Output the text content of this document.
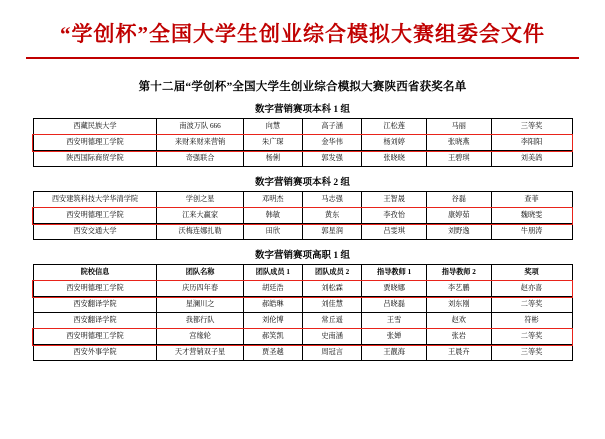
“学创杯”全国大学生创业综合模拟大赛组委会文件
第十二届“学创杯”全国大学生创业综合模拟大赛陕西省获奖名单
数字营销赛项本科 1 组
西藏民族大学	南波万队 666	向慧	高子涵	江松莲	马丽	三等奖
西安明德理工学院	来财来财来营销	朱广琛	金华伟	杨刘婷	张晓燕	李阳阳
陕西国际商贸学院	奇强联合	杨俐	郭发强	张晓晓	王碧琪	刘美鸽
数字营销赛项本科 2 组
西安建筑科技大学华清学院	学创之星	邓明杰	马志强	王智晟	谷磊	查菲
西安明德理工学院	江来大赢家	韩敏	黄东	李孜怡	康婷茹	魏晓雯
西安交通大学	沃梅连娜扎勒	田欣	郭星润	吕雯琪	刘野逸	牛朋涛
数字营销赛项高职 1 组
院校信息	团队名称	团队成员 1	团队成员 2	指导教师 1	指导教师 2	奖项
西安明德理工学院	庆历四年春	胡廷浩	刘松霖	贾晓娜	李艺鹏	赵亦喜
西安翻译学院	星澜川之	郝皓琳	刘佳慧	吕晓磊	刘东刚	二等奖
西安翻译学院	我都行队	刘伦博	常丘遥	王雪	赵欢	符彬
西安明德理工学院	宫缘轮	郝笑凯	史南涵	张婵	张岩	二等奖
西安外事学院	天才营销双子星	贾圣越	周冠言	王靓海	王晨卉	三等奖
